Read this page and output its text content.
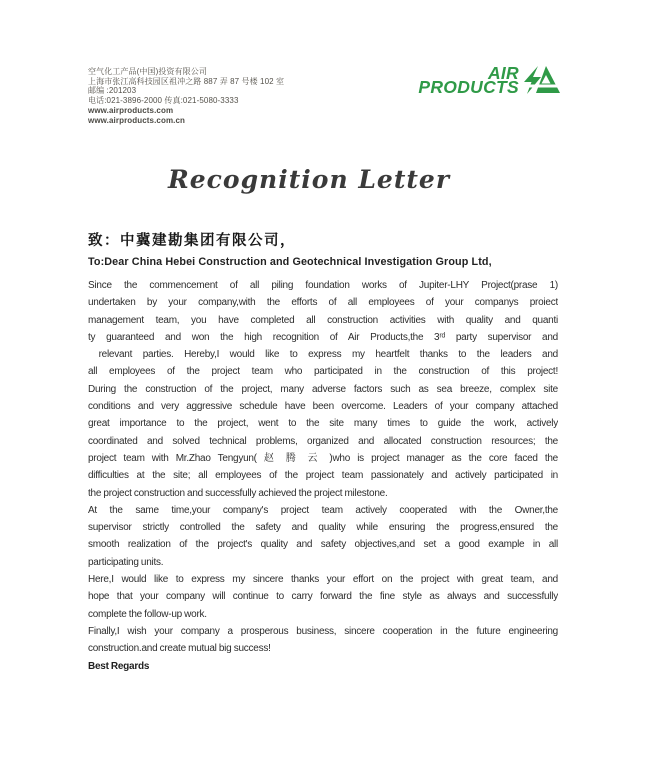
空气化工产品(中国)投资有限公司
上海市张江高科技园区祖冲之路 887 弄 87 号楼 102 室
邮编 :201203
电话:021-3896-2000 传真:021-5080-3333
www.airproducts.com
www.airproducts.com.cn
AIR
PRODUCTS
Recognition Letter
致：中冀建勘集团有限公司，
To:Dear China Hebei Construction and Geotechnical Investigation Group Ltd,
Since the commencement of all piling foundation works of Jupiter-LHY Project(prase 1)
undertaken by your company,with the efforts of all employees of your companys proiect
management team, you have completed all construction activities with quality and quanti
ty guaranteed and won the high recognition of Air Products,the 3ʳᵈ party supervisor and
relevant parties. Hereby,I would like to express my heartfelt thanks to the leaders and
all employees of the project team who participated in the construction of this project!
During the construction of the project, many adverse factors such as sea breeze, complex site
conditions and very aggressive schedule have been overcome. Leaders of your company attached
great importance to the project, went to the site many times to guide the work, actively
coordinated and solved technical problems, organized and allocated construction resources; the
project team with Mr.Zhao Tengyun( 赵 腾 云 )who is project manager as the core faced the
difficulties at the site; all employees of the project team passionately and actively participated in
the project construction and successfully achieved the project milestone.
At the same time,your company's project team actively cooperated with the Owner,the
supervisor strictly controlled the safety and quality while ensuring the progress,ensured the
smooth realization of the project's quality and safety objectives,and set a good example in all
participating units.
Here,I would like to express my sincere thanks your effort on the project with great team, and
hope that your company will continue to carry forward the fine style as always and successfully
complete the follow-up work.
Finally,I wish your company a prosperous business, sincere cooperation in the future engineering
construction.and create mutual big success!
Best Regards
